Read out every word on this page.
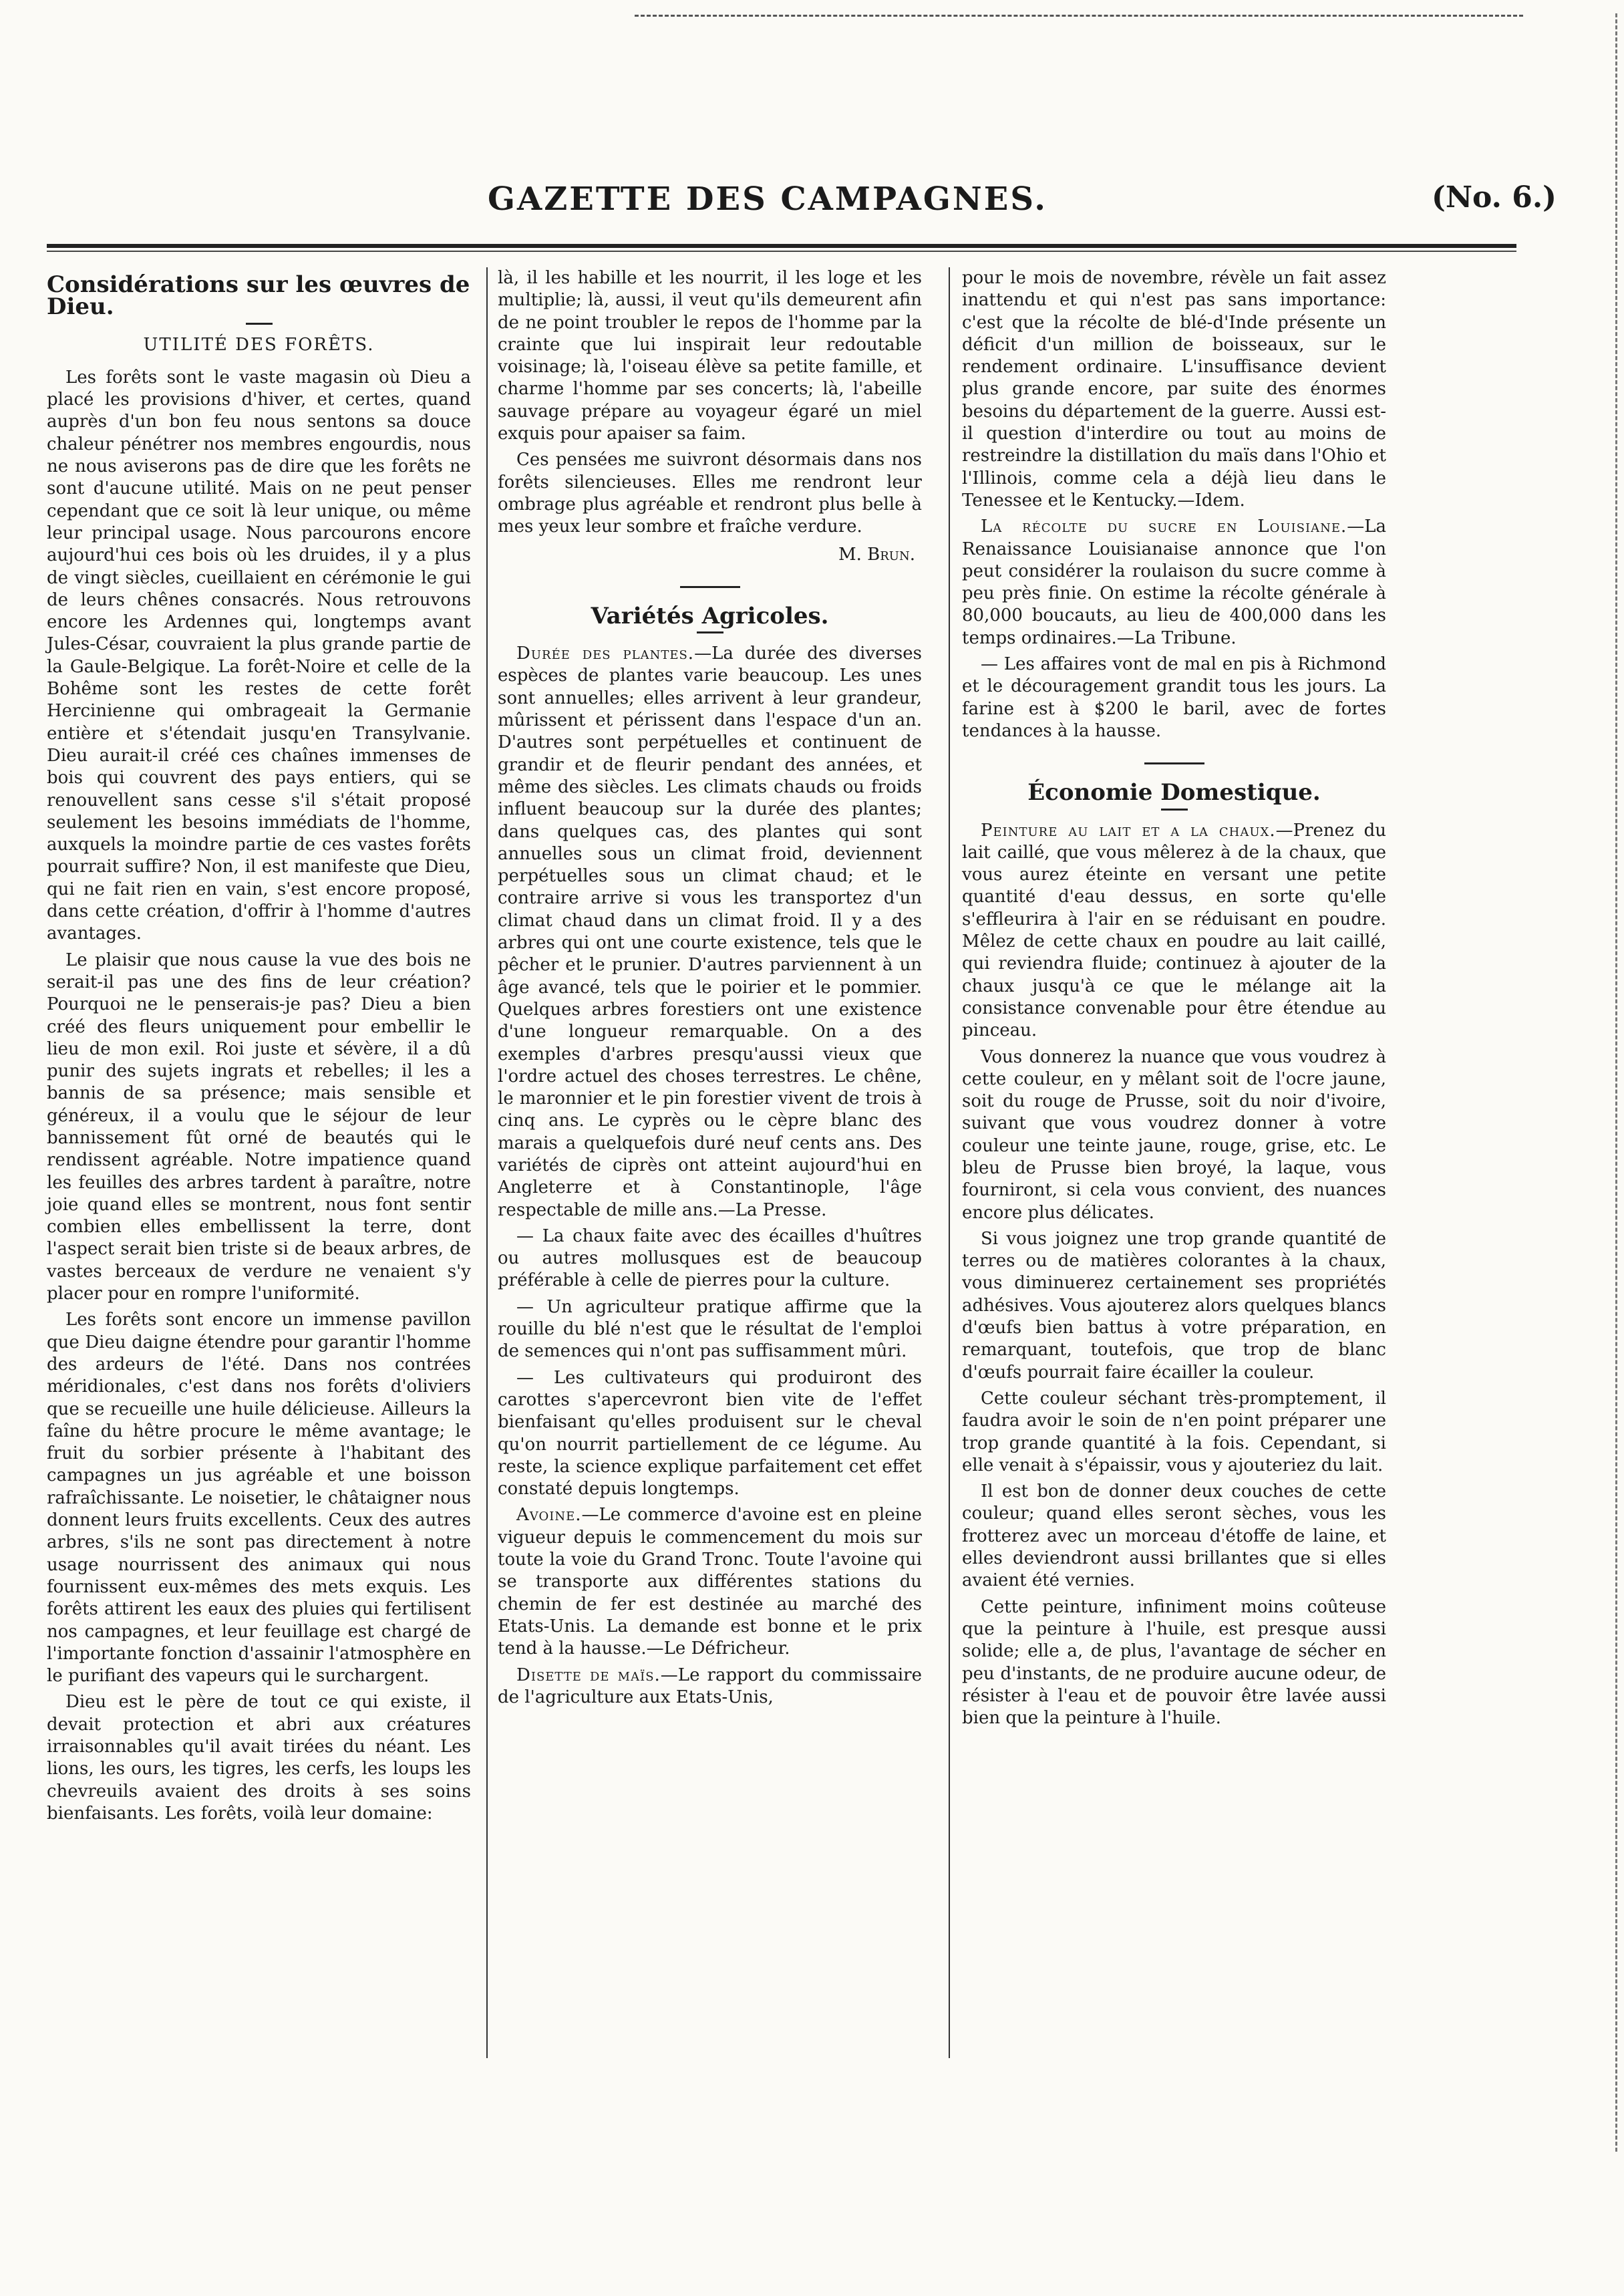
GAZETTE DES CAMPAGNES.	(No. 6.)
Considérations sur les œuvres de Dieu.
UTILITÉ DES FORÊTS.

Les forêts sont le vaste magasin où Dieu a placé les provisions d'hiver, et certes, quand auprès d'un bon feu nous sentons sa douce chaleur pénétrer nos membres engourdis, nous ne nous aviserons pas de dire que les forêts ne sont d'aucune utilité. Mais on ne peut penser cependant que ce soit là leur unique, ou même leur principal usage. Nous parcourons encore aujourd'hui ces bois où les druides, il y a plus de vingt siècles, cueillaient en cérémonie le gui de leurs chênes consacrés. Nous retrouvons encore les Ardennes qui, longtemps avant Jules-César, couvraient la plus grande partie de la Gaule-Belgique. La forêt-Noire et celle de la Bohême sont les restes de cette forêt Hercinienne qui ombrageait la Germanie entière et s'étendait jusqu'en Transylvanie. Dieu aurait-il créé ces chaînes immenses de bois qui couvrent des pays entiers, qui se renouvellent sans cesse s'il s'était proposé seulement les besoins immédiats de l'homme, auxquels la moindre partie de ces vastes forêts pourrait suffire? Non, il est manifeste que Dieu, qui ne fait rien en vain, s'est encore proposé, dans cette création, d'offrir à l'homme d'autres avantages.

Le plaisir que nous cause la vue des bois ne serait-il pas une des fins de leur création? Pourquoi ne le penserais-je pas? Dieu a bien créé des fleurs uniquement pour embellir le lieu de mon exil. Roi juste et sévère, il a dû punir des sujets ingrats et rebelles; il les a bannis de sa présence; mais sensible et généreux, il a voulu que le séjour de leur bannissement fût orné de beautés qui le rendissent agréable. Notre impatience quand les feuilles des arbres tardent à paraître, notre joie quand elles se montrent, nous font sentir combien elles embellissent la terre, dont l'aspect serait bien triste si de beaux arbres, de vastes berceaux de verdure ne venaient s'y placer pour en rompre l'uniformité.

Les forêts sont encore un immense pavillon que Dieu daigne étendre pour garantir l'homme des ardeurs de l'été. Dans nos contrées méridionales, c'est dans nos forêts d'oliviers que se recueille une huile délicieuse. Ailleurs la faîne du hêtre procure le même avantage; le fruit du sorbier présente à l'habitant des campagnes un jus agréable et une boisson rafraîchissante. Le noisetier, le châtaigner nous donnent leurs fruits excellents. Ceux des autres arbres, s'ils ne sont pas directement à notre usage nourrissent des animaux qui nous fournissent eux-mêmes des mets exquis. Les forêts attirent les eaux des pluies qui fertilisent nos campagnes, et leur feuillage est chargé de l'importante fonction d'assainir l'atmosphère en le purifiant des vapeurs qui le surchargent.

Dieu est le père de tout ce qui existe, il devait protection et abri aux créatures irraisonnables qu'il avait tirées du néant. Les lions, les ours, les tigres, les cerfs, les loups les chevreuils avaient des droits à ses soins bienfaisants. Les forêts, voilà leur domaine:

là, il les habille et les nourrit, il les loge et les multiplie; là, aussi, il veut qu'ils demeurent afin de ne point troubler le repos de l'homme par la crainte que lui inspirait leur redoutable voisinage; là, l'oiseau élève sa petite famille, et charme l'homme par ses concerts; là, l'abeille sauvage prépare au voyageur égaré un miel exquis pour apaiser sa faim.

Ces pensées me suivront désormais dans nos forêts silencieuses. Elles me rendront leur ombrage plus agréable et rendront plus belle à mes yeux leur sombre et fraîche verdure.

M. Brun.
Variétés Agricoles.

Durée des plantes.—La durée des diverses espèces de plantes varie beaucoup. Les unes sont annuelles; elles arrivent à leur grandeur, mûrissent et périssent dans l'espace d'un an. D'autres sont perpétuelles et continuent de grandir et de fleurir pendant des années, et même des siècles. Les climats chauds ou froids influent beaucoup sur la durée des plantes; dans quelques cas, des plantes qui sont annuelles sous un climat froid, deviennent perpétuelles sous un climat chaud; et le contraire arrive si vous les transportez d'un climat chaud dans un climat froid. Il y a des arbres qui ont une courte existence, tels que le pêcher et le prunier. D'autres parviennent à un âge avancé, tels que le poirier et le pommier. Quelques arbres forestiers ont une existence d'une longueur remarquable. On a des exemples d'arbres presqu'aussi vieux que l'ordre actuel des choses terrestres. Le chêne, le maronnier et le pin forestier vivent de trois à cinq ans. Le cyprès ou le cèpre blanc des marais a quelquefois duré neuf cents ans. Des variétés de ciprès ont atteint aujourd'hui en Angleterre et à Constantinople, l'âge respectable de mille ans.—La Presse.

— La chaux faite avec des écailles d'huîtres ou autres mollusques est de beaucoup préférable à celle de pierres pour la culture.

— Un agriculteur pratique affirme que la rouille du blé n'est que le résultat de l'emploi de semences qui n'ont pas suffisamment mûri.

— Les cultivateurs qui produiront des carottes s'apercevront bien vite de l'effet bienfaisant qu'elles produisent sur le cheval qu'on nourrit partiellement de ce légume. Au reste, la science explique parfaitement cet effet constaté depuis longtemps.

Avoine.—Le commerce d'avoine est en pleine vigueur depuis le commencement du mois sur toute la voie du Grand Tronc. Toute l'avoine qui se transporte aux différentes stations du chemin de fer est destinée au marché des Etats-Unis. La demande est bonne et le prix tend à la hausse.—Le Défricheur.

Disette de maïs.—Le rapport du commissaire de l'agriculture aux Etats-Unis,

pour le mois de novembre, révèle un fait assez inattendu et qui n'est pas sans importance: c'est que la récolte de blé-d'Inde présente un déficit d'un million de boisseaux, sur le rendement ordinaire. L'insuffisance devient plus grande encore, par suite des énormes besoins du département de la guerre. Aussi est-il question d'interdire ou tout au moins de restreindre la distillation du maïs dans l'Ohio et l'Illinois, comme cela a déjà lieu dans le Tenessee et le Kentucky.—Idem.

La récolte du sucre en Louisiane.—La Renaissance Louisianaise annonce que l'on peut considérer la roulaison du sucre comme à peu près finie. On estime la récolte générale à 80,000 boucauts, au lieu de 400,000 dans les temps ordinaires.—La Tribune.

— Les affaires vont de mal en pis à Richmond et le découragement grandit tous les jours. La farine est à $200 le baril, avec de fortes tendances à la hausse.

Économie Domestique.

Peinture au lait et a la chaux.—Prenez du lait caillé, que vous mêlerez à de la chaux, que vous aurez éteinte en versant une petite quantité d'eau dessus, en sorte qu'elle s'effleurira à l'air en se réduisant en poudre. Mêlez de cette chaux en poudre au lait caillé, qui reviendra fluide; continuez à ajouter de la chaux jusqu'à ce que le mélange ait la consistance convenable pour être étendue au pinceau.

Vous donnerez la nuance que vous voudrez à cette couleur, en y mêlant soit de l'ocre jaune, soit du rouge de Prusse, soit du noir d'ivoire, suivant que vous voudrez donner à votre couleur une teinte jaune, rouge, grise, etc. Le bleu de Prusse bien broyé, la laque, vous fourniront, si cela vous convient, des nuances encore plus délicates.

Si vous joignez une trop grande quantité de terres ou de matières colorantes à la chaux, vous diminuerez certainement ses propriétés adhésives. Vous ajouterez alors quelques blancs d'œufs bien battus à votre préparation, en remarquant, toutefois, que trop de blanc d'œufs pourrait faire écailler la couleur.

Cette couleur séchant très-promptement, il faudra avoir le soin de n'en point préparer une trop grande quantité à la fois. Cependant, si elle venait à s'épaissir, vous y ajouteriez du lait.

Il est bon de donner deux couches de cette couleur; quand elles seront sèches, vous les frotterez avec un morceau d'étoffe de laine, et elles deviendront aussi brillantes que si elles avaient été vernies.

Cette peinture, infiniment moins coûteuse que la peinture à l'huile, est presque aussi solide; elle a, de plus, l'avantage de sécher en peu d'instants, de ne produire aucune odeur, de résister à l'eau et de pouvoir être lavée aussi bien que la peinture à l'huile.
